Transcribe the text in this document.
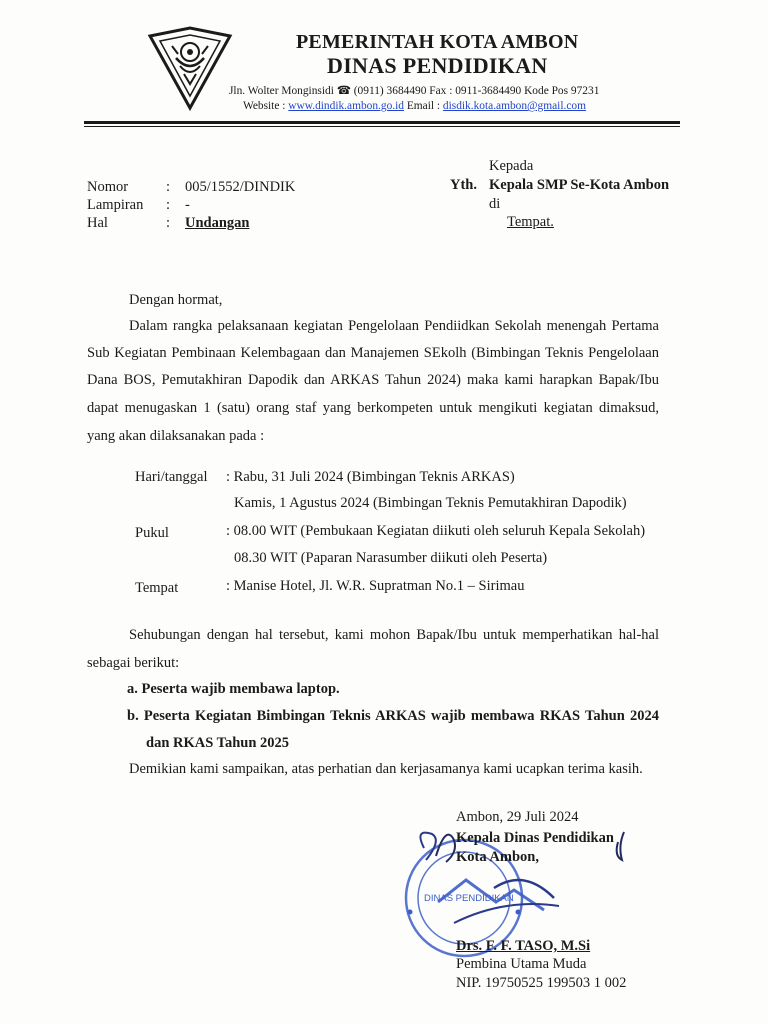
PEMERINTAH KOTA AMBON
DINAS PENDIDIKAN
Jln. Wolter Monginsidi ☎ (0911) 3684490 Fax : 0911-3684490 Kode Pos 97231
Website : www.dindik.ambon.go.id Email : disdik.kota.ambon@gmail.com
Kepada
Yth. Kepala SMP Se-Kota Ambon
di
Tempat.
Nomor	: 005/1552/DINDIK
Lampiran : -
Hal	: Undangan
Dengan hormat,
Dalam rangka pelaksanaan kegiatan Pengelolaan Pendiidkan Sekolah menengah Pertama
Sub Kegiatan Pembinaan Kelembagaan dan Manajemen SEkolh (Bimbingan Teknis Pengelolaan
Dana BOS, Pemutakhiran Dapodik dan ARKAS Tahun 2024) maka kami harapkan Bapak/Ibu
dapat menugaskan 1 (satu) orang staf yang berkompeten untuk mengikuti kegiatan dimaksud,
yang akan dilaksanakan pada :
Hari/tanggal : Rabu, 31 Juli 2024 (Bimbingan Teknis ARKAS)
Kamis, 1 Agustus 2024 (Bimbingan Teknis Pemutakhiran Dapodik)
Pukul	: 08.00 WIT (Pembukaan Kegiatan diikuti oleh seluruh Kepala Sekolah)
08.30 WIT (Paparan Narasumber diikuti oleh Peserta)
Tempat	: Manise Hotel, Jl. W.R. Supratman No.1 – Sirimau
Sehubungan dengan hal tersebut, kami mohon Bapak/Ibu untuk memperhatikan hal-hal
sebagai berikut:
a. Peserta wajib membawa laptop.
b. Peserta Kegiatan Bimbingan Teknis ARKAS wajib membawa RKAS Tahun 2024
dan RKAS Tahun 2025
Demikian kami sampaikan, atas perhatian dan kerjasamanya kami ucapkan terima kasih.
DINAS PENDIDIKAN
Ambon, 29 Juli 2024
Kepala Dinas Pendidikan
Kota Ambon,
Drs. F. F. TASO, M.Si
Pembina Utama Muda
NIP. 19750525 199503 1 002
